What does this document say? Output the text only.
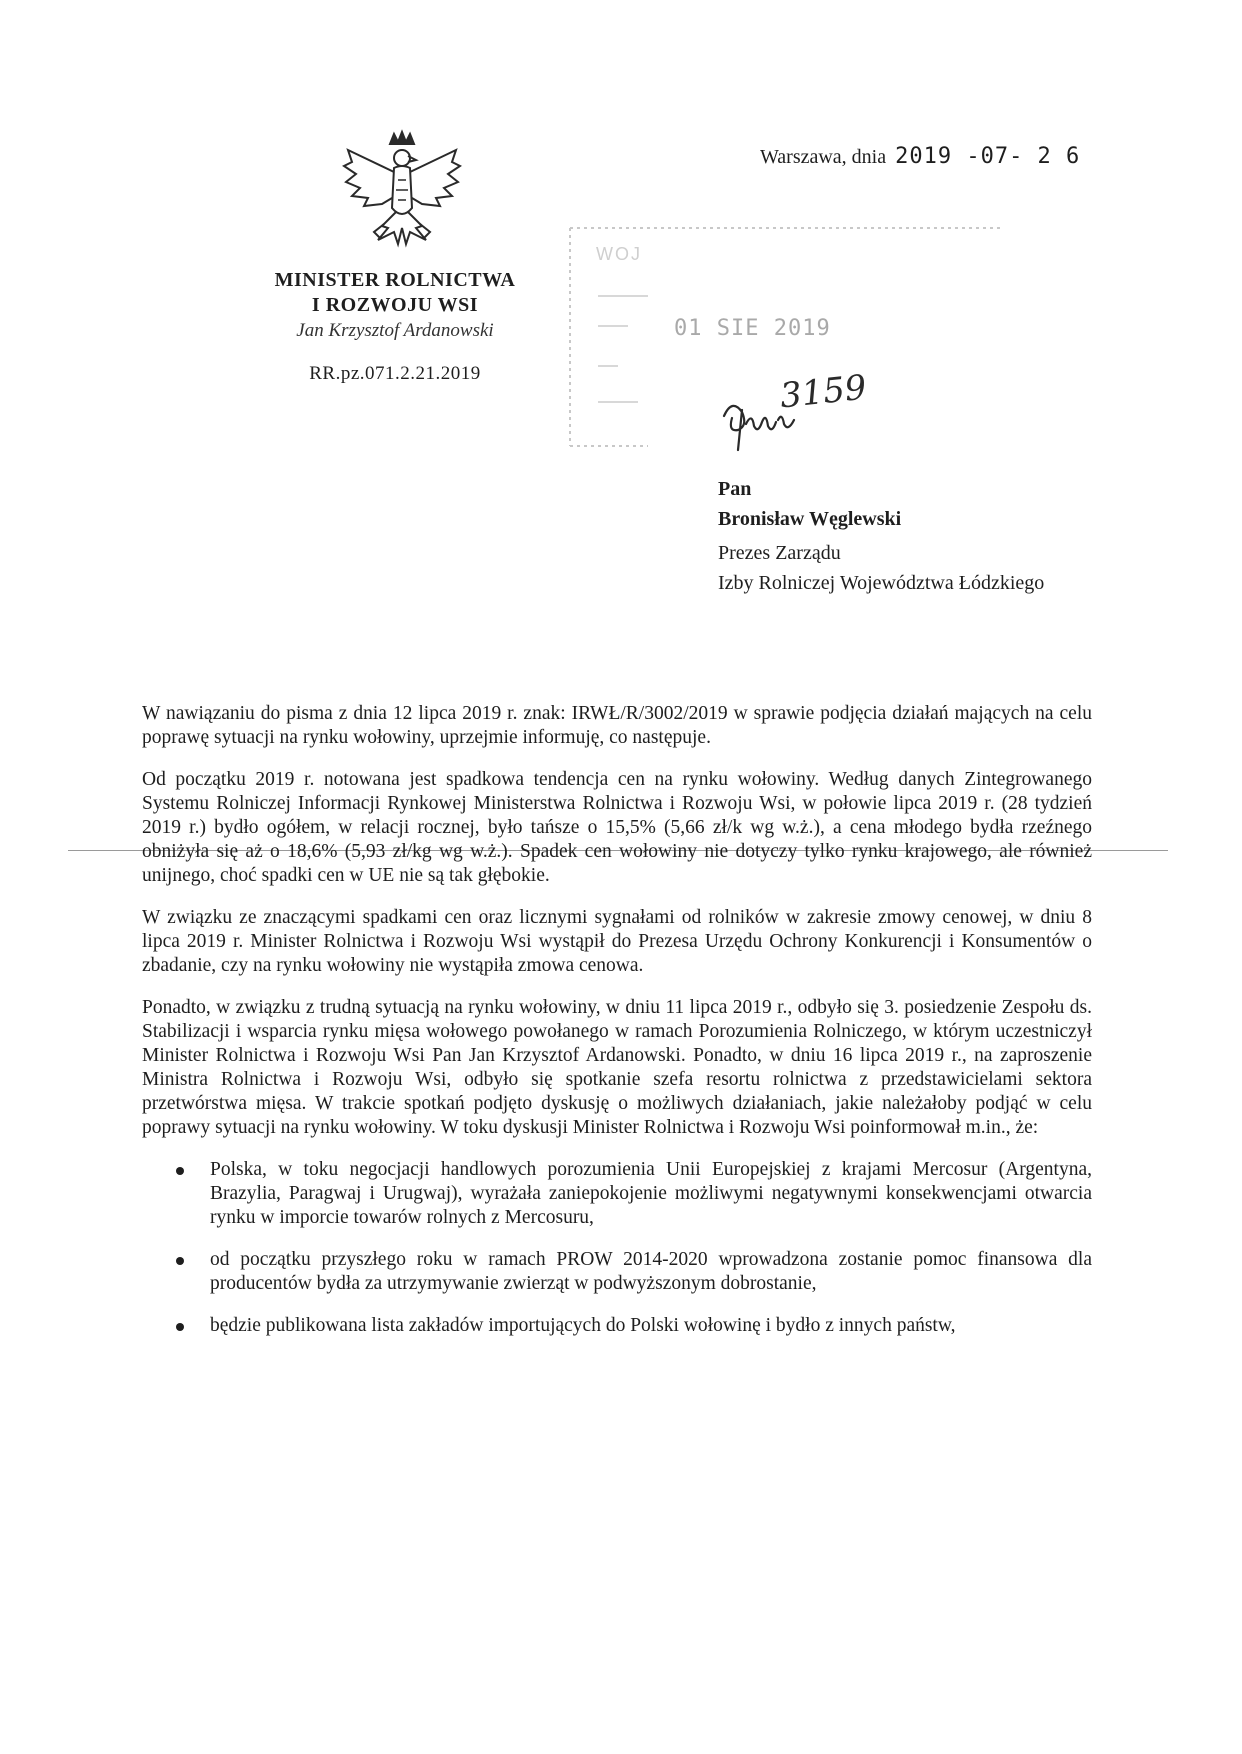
MINISTER ROLNICTWA
I ROZWOJU WSI
Jan Krzysztof Ardanowski
RR.pz.071.2.21.2019
Warszawa, dnia 2019 -07- 2 6
WOJ
01 SIE 2019
3159
Pan
Bronisław Węglewski
Prezes Zarządu
Izby Rolniczej Województwa Łódzkiego

W nawiązaniu do pisma z dnia 12 lipca 2019 r. znak: IRWŁ/R/3002/2019 w sprawie podjęcia działań mających na celu poprawę sytuacji na rynku wołowiny, uprzejmie informuję, co następuje.

Od początku 2019 r. notowana jest spadkowa tendencja cen na rynku wołowiny. Według danych Zintegrowanego Systemu Rolniczej Informacji Rynkowej Ministerstwa Rolnictwa i Rozwoju Wsi, w połowie lipca 2019 r. (28 tydzień 2019 r.) bydło ogółem, w relacji rocznej, było tańsze o 15,5% (5,66 zł/k wg w.ż.), a cena młodego bydła rzeźnego obniżyła się aż o 18,6% (5,93 zł/kg wg w.ż.). Spadek cen wołowiny nie dotyczy tylko rynku krajowego, ale również unijnego, choć spadki cen w UE nie są tak głębokie.

W związku ze znaczącymi spadkami cen oraz licznymi sygnałami od rolników w zakresie zmowy cenowej, w dniu 8 lipca 2019 r. Minister Rolnictwa i Rozwoju Wsi wystąpił do Prezesa Urzędu Ochrony Konkurencji i Konsumentów o zbadanie, czy na rynku wołowiny nie wystąpiła zmowa cenowa.

Ponadto, w związku z trudną sytuacją na rynku wołowiny, w dniu 11 lipca 2019 r., odbyło się 3. posiedzenie Zespołu ds. Stabilizacji i wsparcia rynku mięsa wołowego powołanego w ramach Porozumienia Rolniczego, w którym uczestniczył Minister Rolnictwa i Rozwoju Wsi Pan Jan Krzysztof Ardanowski. Ponadto, w dniu 16 lipca 2019 r., na zaproszenie Ministra Rolnictwa i Rozwoju Wsi, odbyło się spotkanie szefa resortu rolnictwa z przedstawicielami sektora przetwórstwa mięsa. W trakcie spotkań podjęto dyskusję o możliwych działaniach, jakie należałoby podjąć w celu poprawy sytuacji na rynku wołowiny. W toku dyskusji Minister Rolnictwa i Rozwoju Wsi poinformował m.in., że:

Polska, w toku negocjacji handlowych porozumienia Unii Europejskiej z krajami Mercosur (Argentyna, Brazylia, Paragwaj i Urugwaj), wyrażała zaniepokojenie możliwymi negatywnymi konsekwencjami otwarcia rynku w imporcie towarów rolnych z Mercosuru,
od początku przyszłego roku w ramach PROW 2014-2020 wprowadzona zostanie pomoc finansowa dla producentów bydła za utrzymywanie zwierząt w podwyższonym dobrostanie,
będzie publikowana lista zakładów importujących do Polski wołowinę i bydło z innych państw,
